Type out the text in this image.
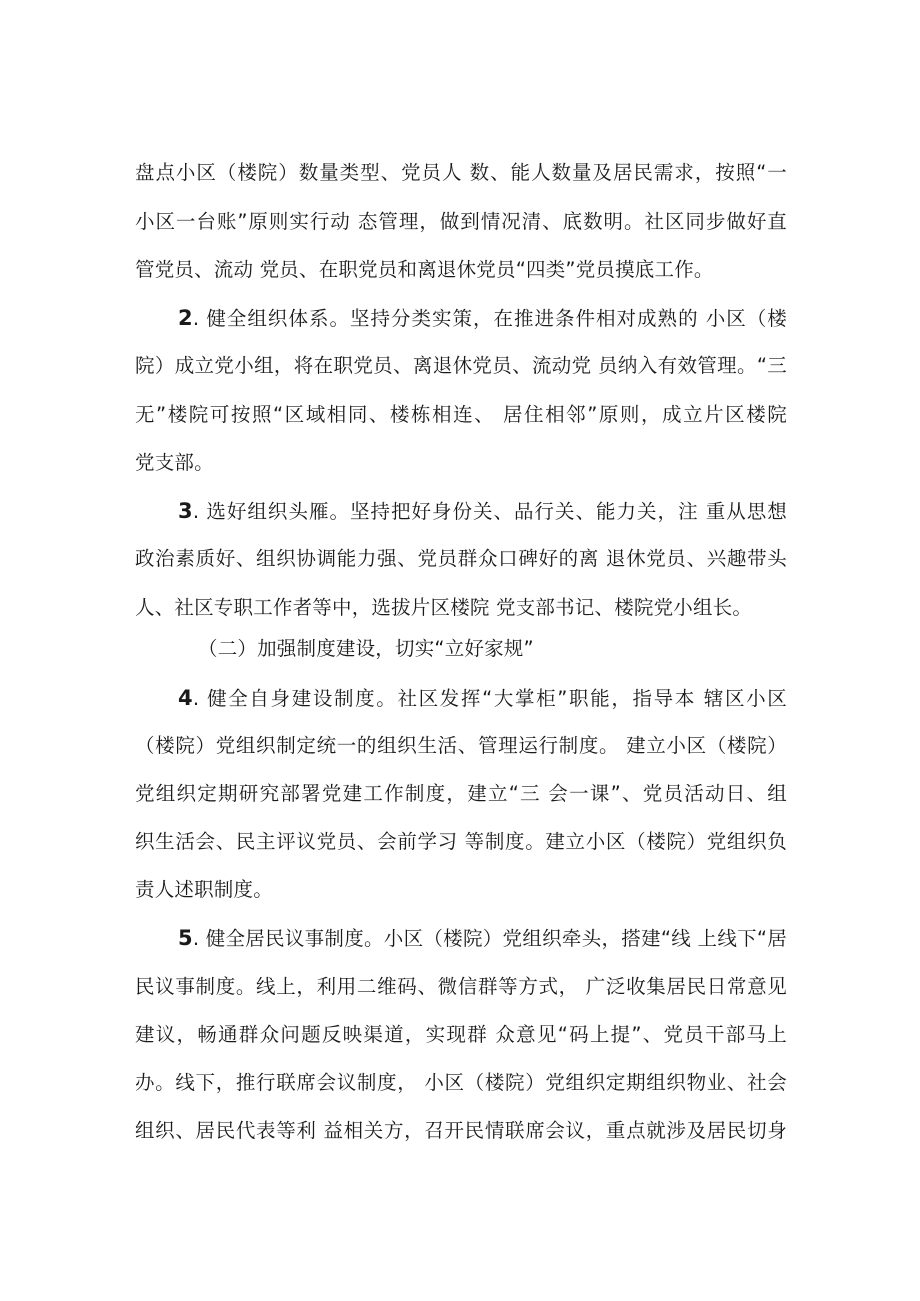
盘点小区（楼院）数量类型、党员人 数、能人数量及居民需求，按照“一
小区一台账”原则实行动 态管理，做到情况清、底数明。社区同步做好直
管党员、流动 党员、在职党员和离退休党员“四类”党员摸底工作。
2. 健全组织体系。坚持分类实策，在推进条件相对成熟的 小区（楼
院）成立党小组，将在职党员、离退休党员、流动党 员纳入有效管理。“三
无”楼院可按照“区域相同、楼栋相连、 居住相邻”原则，成立片区楼院
党支部。
3. 选好组织头雁。坚持把好身份关、品行关、能力关，注 重从思想
政治素质好、组织协调能力强、党员群众口碑好的离 退休党员、兴趣带头
人、社区专职工作者等中，选拔片区楼院 党支部书记、楼院党小组长。
（二）加强制度建设，切实“立好家规”
4. 健全自身建设制度。社区发挥“大掌柜”职能，指导本 辖区小区
（楼院）党组织制定统一的组织生活、管理运行制度。 建立小区（楼院）
党组织定期研究部署党建工作制度，建立“三 会一课”、党员活动日、组
织生活会、民主评议党员、会前学习 等制度。建立小区（楼院）党组织负
责人述职制度。
5. 健全居民议事制度。小区（楼院）党组织牵头，搭建“线 上线下“居
民议事制度。线上，利用二维码、微信群等方式， 广泛收集居民日常意见
建议，畅通群众问题反映渠道，实现群 众意见“码上提”、党员干部马上
办。线下，推行联席会议制度， 小区（楼院）党组织定期组织物业、社会
组织、居民代表等利 益相关方，召开民情联席会议，重点就涉及居民切身
